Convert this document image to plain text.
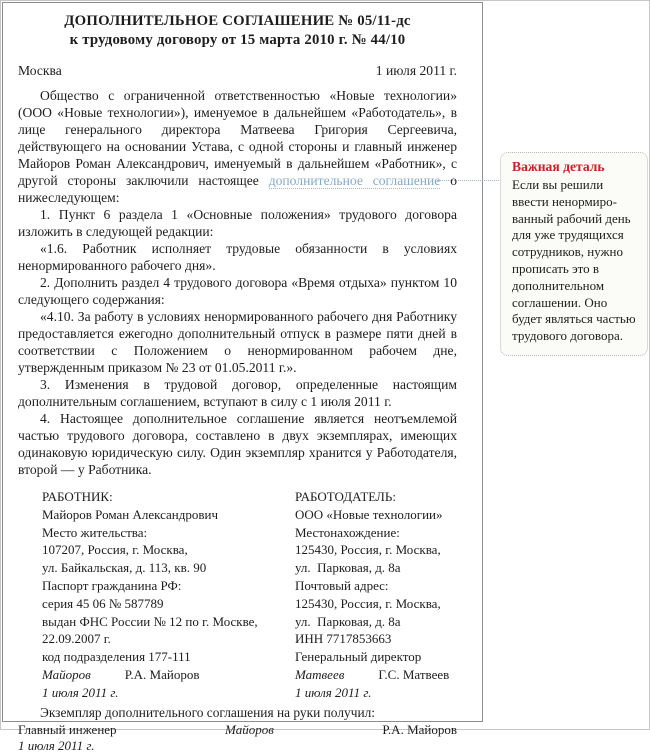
ДОПОЛНИТЕЛЬНОЕ СОГЛАШЕНИЕ № 05/11-дс
к трудовому договору от 15 марта 2010 г. № 44/10
Москва	1 июля 2011 г.

Общество с ограниченной ответственностью «Новые технологии» (ООО «Новые технологии»), именуемое в дальнейшем «Работодатель», в лице генерального директора Матвеева Григория Сергеевича, действующего на основании Устава, с одной стороны и главный инженер Майоров Роман Александрович, именуемый в дальнейшем «Работник», с другой стороны заключили настоящее дополнительное соглашение о нижеследующем:

1. Пункт 6 раздела 1 «Основные положения» трудового договора изложить в следующей редакции:

«1.6. Работник исполняет трудовые обязанности в условиях ненормированного рабочего дня».

2. Дополнить раздел 4 трудового договора «Время отдыха» пунктом 10 следующего содержания:

«4.10. За работу в условиях ненормированного рабочего дня Работнику предоставляется ежегодно дополнительный отпуск в размере пяти дней в соответствии с Положением о ненормированном рабочем дне, утвержденным приказом № 23 от 01.05.2011 г.».

3. Изменения в трудовой договор, определенные настоящим дополнительным соглашением, вступают в силу с 1 июля 2011 г.

4. Настоящее дополнительное соглашение является неотъемлемой частью трудового договора, составлено в двух экземплярах, имеющих одинаковую юридическую силу. Один экземпляр хранится у Работодателя, второй — у Работника.

РАБОТНИК:
Майоров Роман Александрович
Место жительства:
107207, Россия, г. Москва,
ул. Байкальская, д. 113, кв. 90
Паспорт гражданина РФ:
серия 45 06 № 587789
выдан ФНС России № 12 по г. Москве,
22.09.2007 г.
код подразделения 177-111
Майоров	Р.А. Майоров
1 июля 2011 г.
РАБОТОДАТЕЛЬ:
ООО «Новые технологии»
Местонахождение:
125430, Россия, г. Москва,
ул.  Парковая, д. 8а
Почтовый адрес:
125430, Россия, г. Москва,
ул.  Парковая, д. 8а
ИНН 7717853663
Генеральный директор
Матвеев	Г.С. Матвеев
1 июля 2011 г.

Экземпляр дополнительного соглашения на руки получил:

Главный инженер	Майоров	Р.А. Майоров
1 июля 2011 г.
Важная деталь
Если вы решили ввести ненормированный рабочий день для уже трудящихся сотрудников, нужно прописать это в дополнительном соглашении. Оно будет являться частью трудового договора.
